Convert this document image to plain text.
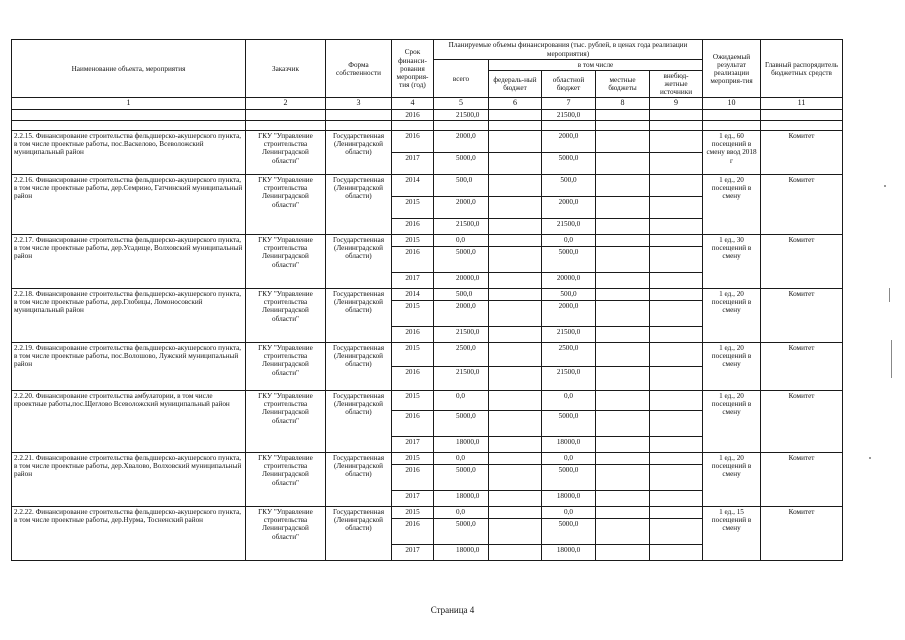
Наименование объекта, мероприятия	Заказчик	Форма собственности	Срок финанси-рования мероприя-тия (год)	Планируемые объемы финансирования (тыс. рублей, в ценах года реализации мероприятия)					Ожидаемый результат реализации мероприя-тия	Главный распорядитель бюджетных средств
				всего	в том числе					
					федераль-ный бюджет	областной бюджет	местные бюджеты	внебюд-жетные источники		
1	2	3	4	5	6	7	8	9	10	11
			2016	21500,0		21500,0				

2.2.15. Финансирование строительства фельдшерско-акушерского пункта, в том числе проектные работы, пос.Васкелово, Всеволожский муниципальный район	ГКУ "Управление строительства Ленинградской области"	Государственная (Ленинградской области)	2016	2000,0		2000,0			1 ед., 60 посещений в смену ввод 2018 г	Комитет
			2017	5000,0		5000,0				
2.2.16. Финансирование строительства фельдшерско-акушерского пункта, в том числе проектные работы, дер.Семрино, Гатчинский муниципальный район	ГКУ "Управление строительства Ленинградской области"	Государственная (Ленинградской области)	2014	500,0		500,0			1 ед., 20 посещений в смену	Комитет
			2015	2000,0		2000,0				
			2016	21500,0		21500,0				
2.2.17. Финансирование строительства фельдшерско-акушерского пункта, в том числе проектные работы, дер.Усадище, Волховский муниципальный район	ГКУ "Управление строительства Ленинградской области"	Государственная (Ленинградской области)	2015	0,0		0,0			1 ед., 30 посещений в смену	Комитет
			2016	5000,0		5000,0				
			2017	20000,0		20000,0				
2.2.18. Финансирование строительства фельдшерско-акушерского пункта, в том числе проектные работы, дер.Глобицы, Ломоносовский муниципальный район	ГКУ "Управление строительства Ленинградской области"	Государственная (Ленинградской области)	2014	500,0		500,0			1 ед., 20 посещений в смену	Комитет
			2015	2000,0		2000,0				
			2016	21500,0		21500,0				
2.2.19. Финансирование строительства фельдшерско-акушерского пункта, в том числе проектные работы, пос.Волошово, Лужский муниципальный район	ГКУ "Управление строительства Ленинградской области"	Государственная (Ленинградской области)	2015	2500,0		2500,0			1 ед., 20 посещений в смену	Комитет
			2016	21500,0		21500,0				
2.2.20. Финансирование строительства амбулатории, в том числе проектные работы,пос.Щеглово Всеволожский муниципальный район	ГКУ "Управление строительства Ленинградской области"	Государственная (Ленинградской области)	2015	0,0		0,0			1 ед., 20 посещений в смену	Комитет
			2016	5000,0		5000,0				
			2017	18000,0		18000,0				
2.2.21. Финансирование строительства фельдшерско-акушерского пункта, в том числе проектные работы, дер.Хвалово, Волховский муниципальный район	ГКУ "Управление строительства Ленинградской области"	Государственная (Ленинградской области)	2015	0,0		0,0			1 ед., 20 посещений в смену	Комитет
			2016	5000,0		5000,0				
			2017	18000,0		18000,0				
2.2.22. Финансирование строительства фельдшерско-акушерского пункта, в том числе проектные работы, дер.Нурма, Тосненский район	ГКУ "Управление строительства Ленинградской области"	Государственная (Ленинградской области)	2015	0,0		0,0			1 ед., 15 посещений в смену	Комитет
			2016	5000,0		5000,0				
			2017	18000,0		18000,0				
Страница 4
